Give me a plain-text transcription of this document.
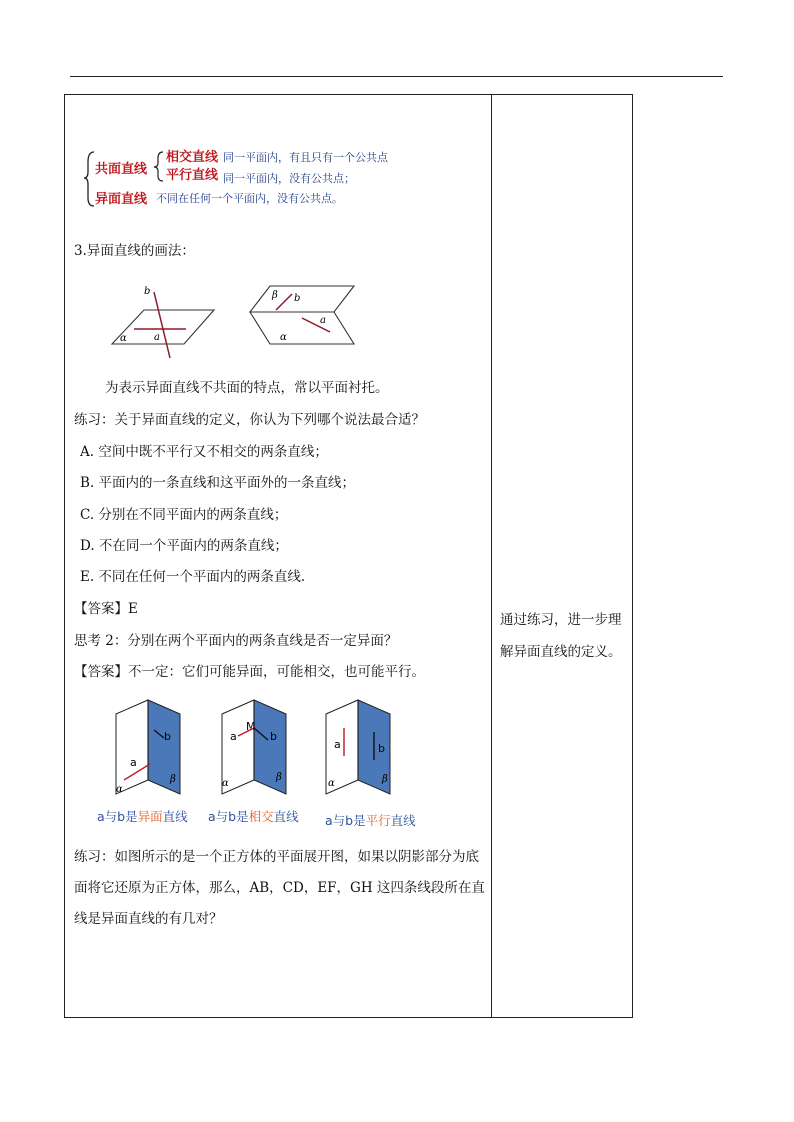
共面直线
相交直线 同一平面内，有且只有一个公共点
平行直线 同一平面内，没有公共点；
异面直线 不同在任何一个平面内，没有公共点。
3.异面直线的画法：
b
a
α
β b
a
α
为表示异面直线不共面的特点，常以平面衬托。
练习：关于异面直线的定义，你认为下列哪个说法最合适？
A. 空间中既不平行又不相交的两条直线；
B. 平面内的一条直线和这平面外的一条直线；
C. 分别在不同平面内的两条直线；
D. 不在同一个平面内的两条直线；
E. 不同在任何一个平面内的两条直线.
【答案】E
思考 2：分别在两个平面内的两条直线是否一定异面？
【答案】不一定：它们可能异面，可能相交，也可能平行。
b
a
α
β
a与b是异面直线
M
a	b
α
β
a与b是相交直线
a	b
α	β
a与b是平行直线
练习：如图所示的是一个正方体的平面展开图，如果以阴影部分为底
面将它还原为正方体，那么，AB，CD，EF，GH 这四条线段所在直
线是异面直线的有几对？
通过练习，进一步理
解异面直线的定义。
